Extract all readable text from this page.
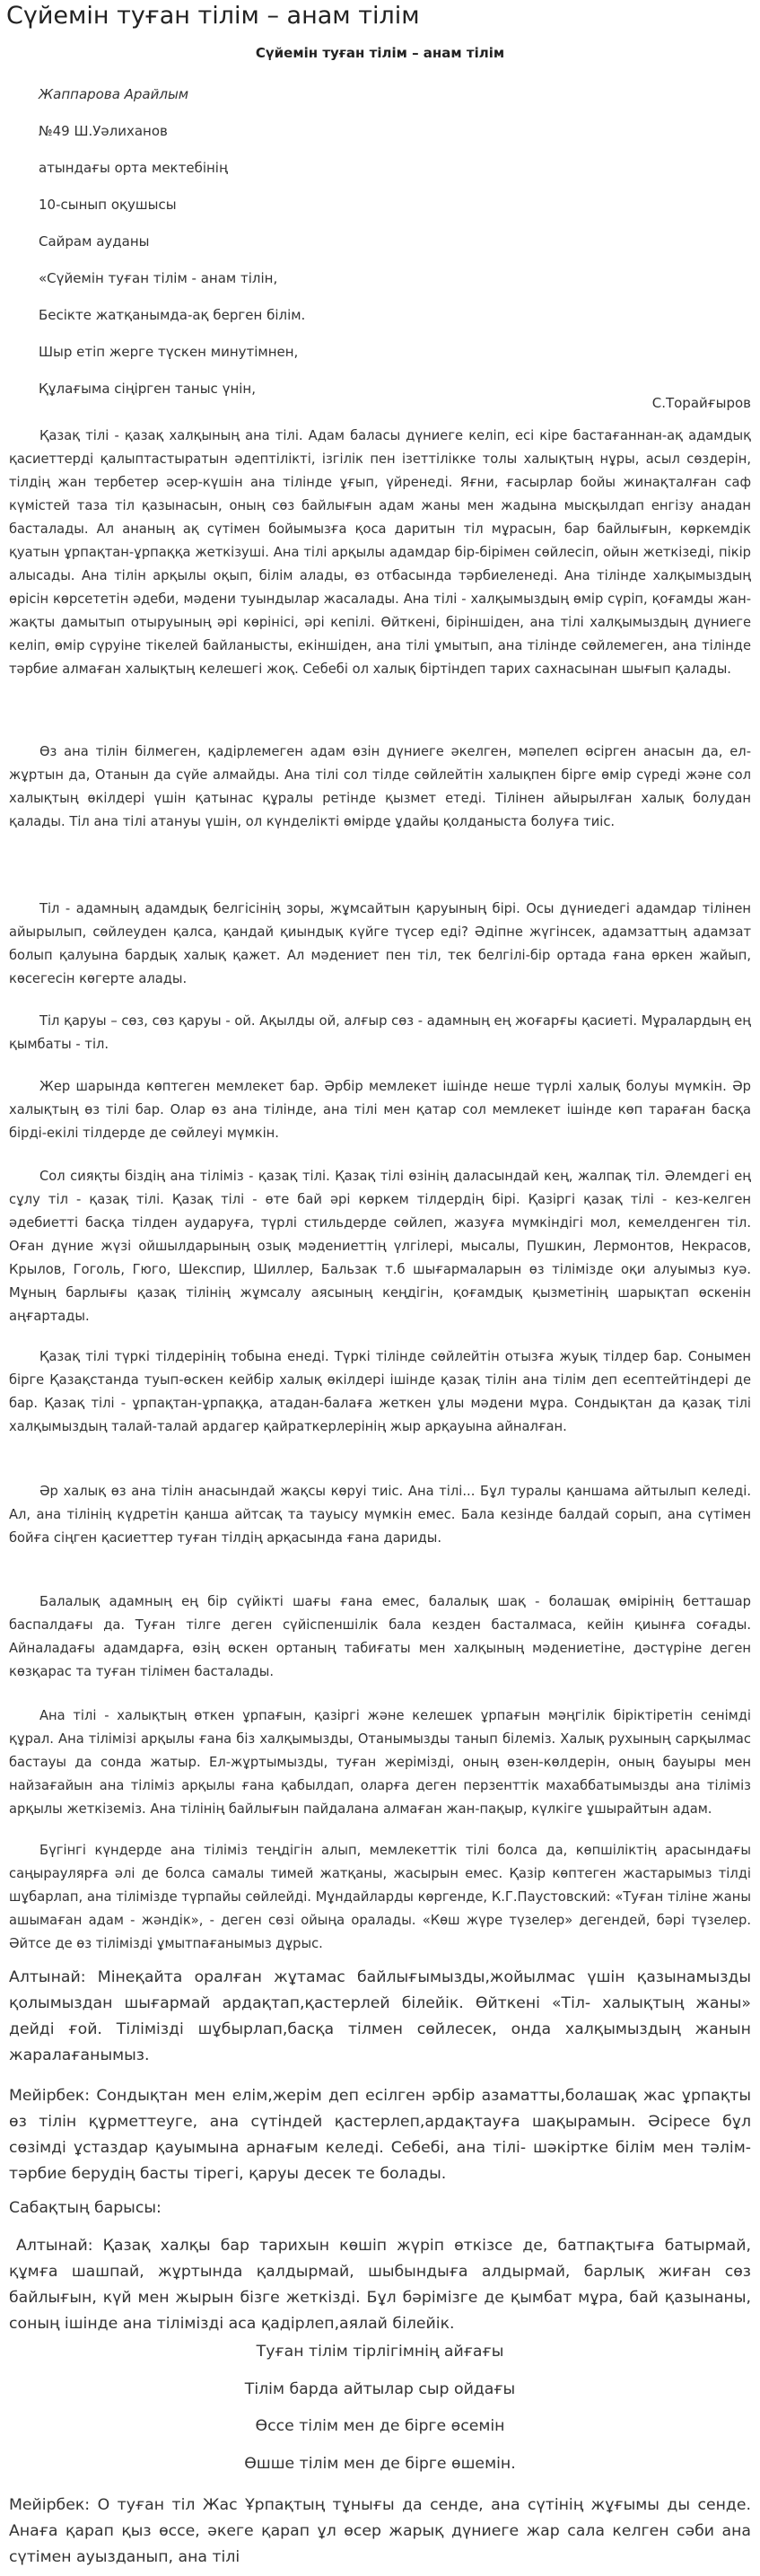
Сүйемін туған тілім – анам тілім
Сүйемін туған тілім – анам тілім
Жаппарова Арайлым
№49 Ш.Уәлиханов
атындағы орта мектебінің
10-сынып оқушысы
Сайрам ауданы
«Сүйемін туған тілім - анам тілін,
Бесікте жатқанымда-ақ берген білім.
Шыр етіп жерге түскен минутімнен,
Құлағыма сіңірген таныс үнін,
С.Торайғыров

Қазақ тілі - қазақ халқының ана тілі. Адам баласы дүниеге келіп, есі кіре бастағаннан-ақ адамдық қасиеттерді қалыптастыратын әдептілікті, ізгілік пен ізеттілікке толы халықтың нұры, асыл сөздерін, тілдің жан тербетер әсер-күшін ана тілінде ұғып, үйренеді. Яғни, ғасырлар бойы жинақталған саф күмістей таза тіл қазынасын, оның сөз байлығын адам жаны мен жадына мысқылдап енгізу анадан басталады. Ал ананың ақ сүтімен бойымызға қоса даритын тіл мұрасын, бар байлығын, көркемдік қуатын ұрпақтан-ұрпаққа жеткізуші. Ана тілі арқылы адамдар бір-бірімен сөйлесіп, ойын жеткізеді, пікір алысады. Ана тілін арқылы оқып, білім алады, өз отбасында тәрбиеленеді. Ана тілінде халқымыздың өрісін көрсететін әдеби, мәдени туындылар жасалады. Ана тілі - халқымыздың өмір сүріп, қоғамды жан-жақты дамытып отыруының әрі көрінісі, әрі кепілі. Өйткені, біріншіден, ана тілі халқымыздың дүниеге келіп, өмір сүруіне тікелей байланысты, екіншіден, ана тілі ұмытып, ана тілінде сөйлемеген, ана тілінде тәрбие алмаған халықтың келешегі жоқ. Себебі ол халық біртіндеп тарих сахнасынан шығып қалады.

Өз ана тілін білмеген, қадірлемеген адам өзін дүниеге әкелген, мәпелеп өсірген анасын да, ел-жұртын да, Отанын да сүйе алмайды. Ана тілі сол тілде сөйлейтін халықпен бірге өмір сүреді және сол халықтың өкілдері үшін қатынас құралы ретінде қызмет етеді. Тілінен айырылған халық болудан қалады. Тіл ана тілі атануы үшін, ол күнделікті өмірде ұдайы қолданыста болуға тиіс.

Тіл - адамның адамдық белгісінің зоры, жұмсайтын қаруының бірі. Осы дүниедегі адамдар тілінен айырылып, сөйлеуден қалса, қандай қиындық күйге түсер еді? Әдіпне жүгінсек, адамзаттың адамзат болып қалуына бардық халық қажет. Ал мәдениет пен тіл, тек белгілі-бір ортада ғана өркен жайып, көсегесін көгерте алады.

Тіл қаруы – сөз, сөз қаруы - ой. Ақылды ой, алғыр сөз - адамның ең жоғарғы қасиеті. Мұралардың ең қымбаты - тіл.

Жер шарында көптеген мемлекет бар. Әрбір мемлекет ішінде неше түрлі халық болуы мүмкін. Әр халықтың өз тілі бар. Олар өз ана тілінде, ана тілі мен қатар сол мемлекет ішінде көп тараған басқа бірді-екілі тілдерде де сөйлеуі мүмкін.

Сол сияқты біздің ана тіліміз - қазақ тілі. Қазақ тілі өзінің даласындай кең, жалпақ тіл. Әлемдегі ең сұлу тіл - қазақ тілі. Қазақ тілі - өте бай әрі көркем тілдердің бірі. Қазіргі қазақ тілі - кез-келген әдебиетті басқа тілден аударуға, түрлі стильдерде сөйлеп, жазуға мүмкіндігі мол, кемелденген тіл. Оған дүние жүзі ойшылдарының озық мәдениеттің үлгілері, мысалы, Пушкин, Лермонтов, Некрасов, Крылов, Гоголь, Гюго, Шекспир, Шиллер, Бальзак т.б шығармаларын өз тілімізде оқи алуымыз куә. Мұның барлығы қазақ тілінің жұмсалу аясының кеңдігін, қоғамдық қызметінің шарықтап өскенін аңғартады.

Қазақ тілі түркі тілдерінің тобына енеді. Түркі тілінде сөйлейтін отызға жуық тілдер бар. Сонымен бірге Қазақстанда туып-өскен кейбір халық өкілдері ішінде қазақ тілін ана тілім деп есептейтіндері де бар. Қазақ тілі - ұрпақтан-ұрпаққа, атадан-балаға жеткен ұлы мәдени мұра. Сондықтан да қазақ тілі халқымыздың талай-талай ардагер қайраткерлерінің жыр арқауына айналған.

Әр халық өз ана тілін анасындай жақсы көруі тиіс. Ана тілі... Бұл туралы қаншама айтылып келеді. Ал, ана тілінің күдретін қанша айтсақ та тауысу мүмкін емес. Бала кезінде балдай сорып, ана сүтімен бойға сіңген қасиеттер туған тілдің арқасында ғана дариды.

Балалық адамның ең бір сүйікті шағы ғана емес, балалық шақ - болашақ өмірінің бетташар баспалдағы да. Туған тілге деген сүйіспеншілік бала кезден басталмаса, кейін қиынға соғады. Айналадағы адамдарға, өзің өскен ортаның табиғаты мен халқының мәдениетіне, дәстүріне деген көзқарас та туған тілімен басталады.

Ана тілі - халықтың өткен ұрпағын, қазіргі және келешек ұрпағын мәңгілік біріктіретін сенімді құрал. Ана тілімізі арқылы ғана біз халқымызды, Отанымызды танып білеміз. Халық рухының сарқылмас бастауы да сонда жатыр. Ел-жұртымызды, туған жерімізді, оның өзен-көлдерін, оның бауыры мен найзағайын ана тіліміз арқылы ғана қабылдап, оларға деген перзенттік махаббатымызды ана тіліміз арқылы жеткіземіз. Ана тілінің байлығын пайдалана алмаған жан-пақыр, күлкіге ұшырайтын адам.

Бүгінгі күндерде ана тіліміз теңдігін алып, мемлекеттік тілі болса да, көпшіліктің арасындағы саңыраулярға әлі де болса самалы тимей жатқаны, жасырын емес. Қазір көптеген жастарымыз тілді шұбарлап, ана тілімізде түрпайы сөйлейді. Мұндайларды көргенде, К.Г.Паустовский: «Туған тіліне жаны ашымаған адам - жәндік», - деген сөзі ойыңа оралады. «Көш жүре түзелер» дегендей, бәрі түзелер. Әйтсе де өз тілімізді ұмытпағанымыз дұрыс.

Алтынай: Мінеқайта оралған жұтамас байлығымызды,жойылмас үшін қазынамызды қолымыздан шығармай ардақтап,қастерлей білейік. Өйткені «Тіл- халықтың жаны» дейді ғой. Тілімізді шұбырлап,басқа тілмен сөйлесек, онда халқымыздың жанын жаралағанымыз.

Мейірбек: Сондықтан мен елім,жерім деп есілген әрбір азаматты,болашақ жас ұрпақты өз тілін құрметтеуге, ана сүтіндей қастерлеп,ардақтауға шақырамын. Әсіресе бұл сөзімді ұстаздар қауымына арнағым келеді. Себебі, ана тілі- шәкіртке білім мен тәлім-тәрбие берудің басты тірегі, қаруы десек те болады.

Сабақтың барысы:

Алтынай: Қазақ халқы бар тарихын көшіп жүріп өткізсе де, батпақтыға батырмай, құмға шашпай, жұртында қалдырмай, шыбындыға алдырмай, барлық жиған сөз байлығын, күй мен жырын бізге жеткізді. Бұл бәрімізге де қымбат мұра, бай қазынаны, соның ішінде ана тілімізді аса қадірлеп,аялай білейік.

Туған тілім тірлігімнің айғағы
Тілім барда айтылар сыр ойдағы
Өссе тілім мен де бірге өсемін
Өшше тілім мен де бірге өшемін.

Мейірбек: О туған тіл Жас Ұрпақтың тұнығы да сенде, ана сүтінің жұғымы ды сенде. Анаға қарап қыз өссе, әкеге қарап ұл өсер жарық дүниеге жар сала келген сәби ана сүтімен ауызданып, ана тілі
